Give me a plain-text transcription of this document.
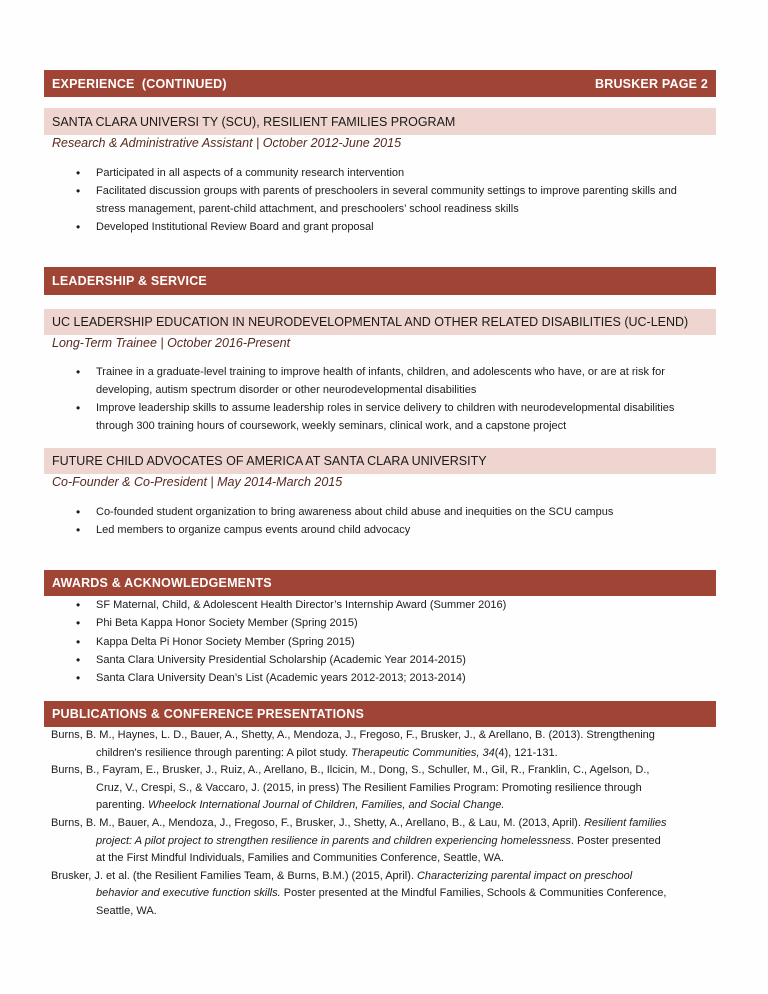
EXPERIENCE  (CONTINUED)	BRUSKER PAGE 2
SANTA CLARA UNIVERSI TY (SCU), RESILIENT FAMILIES PROGRAM
Research & Administrative Assistant | October 2012-June 2015
• Participated in all aspects of a community research intervention
• Facilitated discussion groups with parents of preschoolers in several community settings to improve parenting skills and stress management, parent-child attachment, and preschoolers’ school readiness skills
• Developed Institutional Review Board and grant proposal
LEADERSHIP & SERVICE
UC LEADERSHIP EDUCATION IN NEURODEVELOPMENTAL AND OTHER RELATED DISABILITIES (UC-LEND)
Long-Term Trainee | October 2016-Present
• Trainee in a graduate-level training to improve health of infants, children, and adolescents who have, or are at risk for developing, autism spectrum disorder or other neurodevelopmental disabilities
• Improve leadership skills to assume leadership roles in service delivery to children with neurodevelopmental disabilities through 300 training hours of coursework, weekly seminars, clinical work, and a capstone project
FUTURE CHILD ADVOCATES OF AMERICA AT SANTA CLARA UNIVERSITY
Co-Founder & Co-President | May 2014-March 2015
• Co-founded student organization to bring awareness about child abuse and inequities on the SCU campus
• Led members to organize campus events around child advocacy
AWARDS & ACKNOWLEDGEMENTS
• SF Maternal, Child, & Adolescent Health Director’s Internship Award (Summer 2016)
• Phi Beta Kappa Honor Society Member (Spring 2015)
• Kappa Delta Pi Honor Society Member (Spring 2015)
• Santa Clara University Presidential Scholarship (Academic Year 2014-2015)
• Santa Clara University Dean’s List (Academic years 2012-2013; 2013-2014)
PUBLICATIONS & CONFERENCE PRESENTATIONS
Burns, B. M., Haynes, L. D., Bauer, A., Shetty, A., Mendoza, J., Fregoso, F., Brusker, J., & Arellano, B. (2013). Strengthening children's resilience through parenting: A pilot study. Therapeutic Communities, 34(4), 121-131.
Burns, B., Fayram, E., Brusker, J., Ruiz, A., Arellano, B., Ilcicin, M., Dong, S., Schuller, M., Gil, R., Franklin, C., Agelson, D., Cruz, V., Crespi, S., & Vaccaro, J. (2015, in press) The Resilient Families Program: Promoting resilience through parenting. Wheelock International Journal of Children, Families, and Social Change.
Burns, B. M., Bauer, A., Mendoza, J., Fregoso, F., Brusker, J., Shetty, A., Arellano, B., & Lau, M. (2013, April). Resilient families project: A pilot project to strengthen resilience in parents and children experiencing homelessness. Poster presented at the First Mindful Individuals, Families and Communities Conference, Seattle, WA.
Brusker, J. et al. (the Resilient Families Team, & Burns, B.M.) (2015, April). Characterizing parental impact on preschool behavior and executive function skills. Poster presented at the Mindful Families, Schools & Communities Conference, Seattle, WA.
